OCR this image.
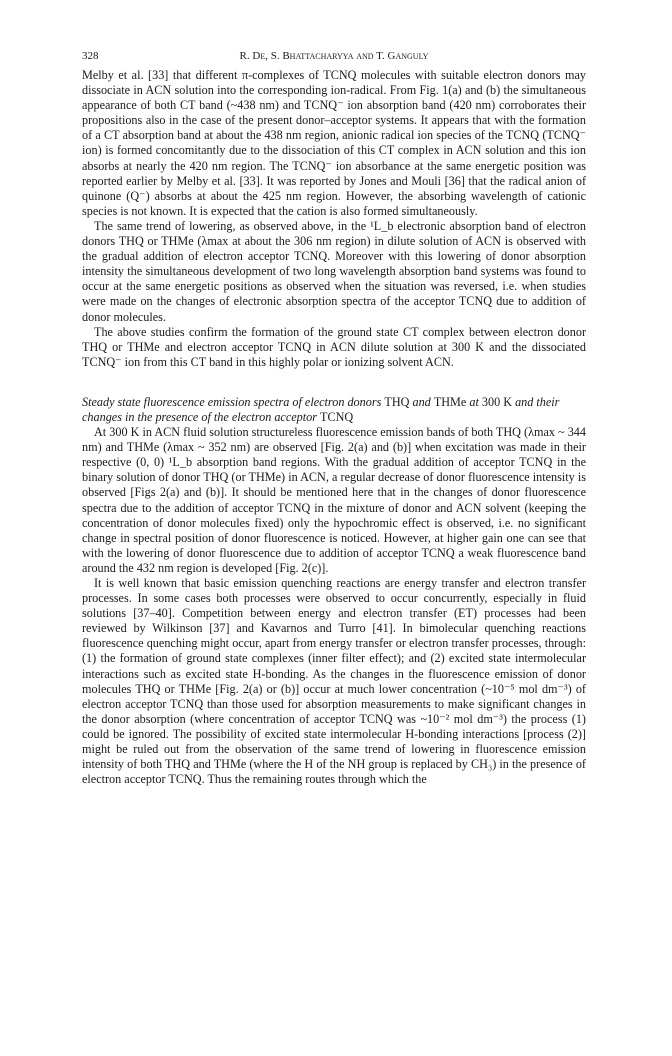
328	R. De, S. Bhattacharyya and T. Ganguly

Melby et al. [33] that different π-complexes of TCNQ molecules with suitable electron donors may dissociate in ACN solution into the corresponding ion-radical. From Fig. 1(a) and (b) the simultaneous appearance of both CT band (~438 nm) and TCNQ⁻ ion absorption band (420 nm) corroborates their propositions also in the case of the present donor–acceptor systems. It appears that with the formation of a CT absorption band at about the 438 nm region, anionic radical ion species of the TCNQ (TCNQ⁻ ion) is formed concomitantly due to the dissociation of this CT complex in ACN solution and this ion absorbs at nearly the 420 nm region. The TCNQ⁻ ion absorbance at the same energetic position was reported earlier by Melby et al. [33]. It was reported by Jones and Mouli [36] that the radical anion of quinone (Q⁻) absorbs at about the 425 nm region. However, the absorbing wavelength of cationic species is not known. It is expected that the cation is also formed simultaneously.

The same trend of lowering, as observed above, in the ¹L_b electronic absorption band of electron donors THQ or THMe (λmax at about the 306 nm region) in dilute solution of ACN is observed with the gradual addition of electron acceptor TCNQ. Moreover with this lowering of donor absorption intensity the simultaneous development of two long wavelength absorption band systems was found to occur at the same energetic positions as observed when the situation was reversed, i.e. when studies were made on the changes of electronic absorption spectra of the acceptor TCNQ due to addition of donor molecules.

The above studies confirm the formation of the ground state CT complex between electron donor THQ or THMe and electron acceptor TCNQ in ACN dilute solution at 300 K and the dissociated TCNQ⁻ ion from this CT band in this highly polar or ionizing solvent ACN.

Steady state fluorescence emission spectra of electron donors THQ and THMe at 300 K and their changes in the presence of the electron acceptor TCNQ

At 300 K in ACN fluid solution structureless fluorescence emission bands of both THQ (λmax ~ 344 nm) and THMe (λmax ~ 352 nm) are observed [Fig. 2(a) and (b)] when excitation was made in their respective (0, 0) ¹L_b absorption band regions. With the gradual addition of acceptor TCNQ in the binary solution of donor THQ (or THMe) in ACN, a regular decrease of donor fluorescence intensity is observed [Figs 2(a) and (b)]. It should be mentioned here that in the changes of donor fluorescence spectra due to the addition of acceptor TCNQ in the mixture of donor and ACN solvent (keeping the concentration of donor molecules fixed) only the hypochromic effect is observed, i.e. no significant change in spectral position of donor fluorescence is noticed. However, at higher gain one can see that with the lowering of donor fluorescence due to addition of acceptor TCNQ a weak fluorescence band around the 432 nm region is developed [Fig. 2(c)].

It is well known that basic emission quenching reactions are energy transfer and electron transfer processes. In some cases both processes were observed to occur concurrently, especially in fluid solutions [37–40]. Competition between energy and electron transfer (ET) processes had been reviewed by Wilkinson [37] and Kavarnos and Turro [41]. In bimolecular quenching reactions fluorescence quenching might occur, apart from energy transfer or electron transfer processes, through: (1) the formation of ground state complexes (inner filter effect); and (2) excited state intermolecular interactions such as excited state H-bonding. As the changes in the fluorescence emission of donor molecules THQ or THMe [Fig. 2(a) or (b)] occur at much lower concentration (~10⁻⁵ mol dm⁻³) of electron acceptor TCNQ than those used for absorption measurements to make significant changes in the donor absorption (where concentration of acceptor TCNQ was ~10⁻² mol dm⁻³) the process (1) could be ignored. The possibility of excited state intermolecular H-bonding interactions [process (2)] might be ruled out from the observation of the same trend of lowering in fluorescence emission intensity of both THQ and THMe (where the H of the NH group is replaced by CH₃) in the presence of electron acceptor TCNQ. Thus the remaining routes through which the
